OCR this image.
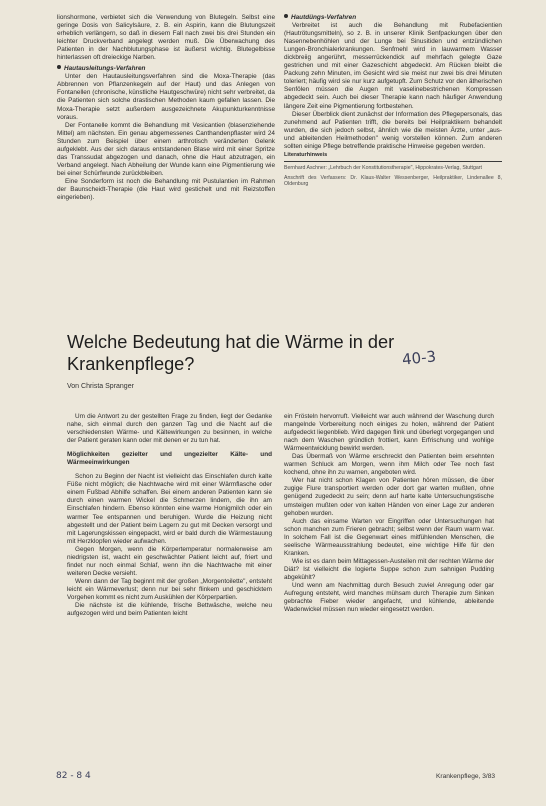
lionshormone, verbietet sich die Verwendung von Blutegeln. Selbst eine geringe Dosis von Salicylsäure, z. B. ein Aspirin, kann die Blutungszeit erheblich verlängern, so daß in diesem Fall nach zwei bis drei Stunden ein leichter Druckverband angelegt werden muß. Die Überwachung des Patienten in der Nachblutungsphase ist äußerst wichtig. Blutegelbisse hinterlassen oft dreieckige Narben.

Hautausleitungs-Verfahren

Unter den Hautausleitungsverfahren sind die Moxa-Therapie (das Abbrennen von Pflanzenkegeln auf der Haut) und das Anlegen von Fontanellen (chronische, künstliche Hautgeschwüre) nicht sehr verbreitet, da die Patienten sich solche drastischen Methoden kaum gefallen lassen. Die Moxa-Therapie setzt außerdem ausgezeichnete Akupunkturkenntnisse voraus.

Der Fontanelle kommt die Behandlung mit Vesicantien (blasenziehende Mittel) am nächsten. Ein genau abgemessenes Canthandenpflaster wird 24 Stunden zum Beispiel über einem arthrotisch veränderten Gelenk aufgeklebt. Aus der sich daraus entstandenen Blase wird mit einer Spritze das Transsudat abgezogen und danach, ohne die Haut abzutragen, ein Verband angelegt. Nach Abheilung der Wunde kann eine Pigmentierung wie bei einer Schürfwunde zurückbleiben.

Eine Sonderform ist noch die Behandlung mit Pustulantien im Rahmen der Baunscheidt-Therapie (die Haut wird gestichelt und mit Reizstoffen eingerieben).

Hautdüngs-Verfahren

Verbreitet ist auch die Behandlung mit Rubefacientien (Hautrötungsmitteln), so z. B. in unserer Klinik Senfpackungen über den Nasennebenhöhlen und der Lunge bei Sinusitiden und entzündlichen Lungen-Bronchialerkrankungen. Senfmehl wird in lauwarmem Wasser dickbreiig angerührt, messerrückendick auf mehrfach gelegte Gaze gestrichen und mit einer Gazeschicht abgedeckt. Am Rücken bleibt die Packung zehn Minuten, im Gesicht wird sie meist nur zwei bis drei Minuten toleriert; häufig wird sie nur kurz aufgetupft. Zum Schutz vor den ätherischen Senfölen müssen die Augen mit vaselinebestrichenen Kompressen abgedeckt sein. Auch bei dieser Therapie kann nach häufiger Anwendung längere Zeit eine Pigmentierung fortbestehen.

Dieser Überblick dient zunächst der Information des Pflegepersonals, das zunehmend auf Patienten trifft, die bereits bei Heilpraktikern behandelt wurden, die sich jedoch selbst, ähnlich wie die meisten Ärzte, unter „aus- und ableitenden Heilmethoden" wenig vorstellen können. Zum anderen sollten einige Pflege betreffende praktische Hinweise gegeben werden.

Literaturhinweis

Bernhard Aschner: „Lehrbuch der Konstitutionstherapie", Hippokrates-Verlag, Stuttgart

Anschrift des Verfassers: Dr. Klaus-Walter Wessenberger, Heilpraktiker, Lindenallee 8, Oldenburg

Welche Bedeutung hat die Wärme in der Krankenpflege?	40-3
Von Christa Spranger

Um die Antwort zu der gestellten Frage zu finden, liegt der Gedanke nahe, sich einmal durch den ganzen Tag und die Nacht auf die verschiedensten Wärme- und Kältewirkungen zu besinnen, in welche der Patient geraten kann oder mit denen er zu tun hat.

Möglichkeiten gezielter und ungezielter Kälte- und Wärmeeinwirkungen

Schon zu Beginn der Nacht ist vielleicht das Einschlafen durch kalte Füße nicht möglich; die Nachtwache wird mit einer Wärmflasche oder einem Fußbad Abhilfe schaffen. Bei einem anderen Patienten kann sie durch einen warmen Wickel die Schmerzen lindern, die ihn am Einschlafen hindern. Ebenso könnten eine warme Honigmilch oder ein warmer Tee entspannen und beruhigen. Wurde die Heizung nicht abgestellt und der Patient beim Lagern zu gut mit Decken versorgt und mit Lagerungskissen eingepackt, wird er bald durch die Wärmestauung mit Herzklopfen wieder aufwachen.

Gegen Morgen, wenn die Körpertemperatur normalerweise am niedrigsten ist, wacht ein geschwächter Patient leicht auf, friert und findet nur noch einmal Schlaf, wenn ihn die Nachtwache mit einer weiteren Decke versieht.

Wenn dann der Tag beginnt mit der großen „Morgentoilette", entsteht leicht ein Wärmeverlust; denn nur bei sehr flinkem und geschicktem Vorgehen kommt es nicht zum Auskühlen der Körperpartien.

Die nächste ist die kühlende, frische Bettwäsche, welche neu aufgezogen wird und beim Patienten leicht

ein Frösteln hervorruft. Vielleicht war auch während der Waschung durch mangelnde Vorbereitung noch einiges zu holen, während der Patient aufgedeckt liegenblieb. Wird dagegen flink und überlegt vorgegangen und nach dem Waschen gründlich frottiert, kann Erfrischung und wohlige Wärmeentwicklung bewirkt werden.

Das Übermaß von Wärme erschreckt den Patienten beim ersehnten warmen Schluck am Morgen, wenn ihm Milch oder Tee noch fast kochend, ohne ihn zu warnen, angeboten wird.

Wer hat nicht schon Klagen von Patienten hören müssen, die über zugige Flure transportiert werden oder dort gar warten mußten, ohne genügend zugedeckt zu sein; denn auf harte kalte Untersuchungstische umsteigen mußten oder von kalten Händen von einer Lage zur anderen gehoben wurden.

Auch das einsame Warten vor Eingriffen oder Untersuchungen hat schon manchen zum Frieren gebracht; selbst wenn der Raum warm war. In solchem Fall ist die Gegenwart eines mitfühlenden Menschen, die seelische Wärmeausstrahlung bedeutet, eine wichtige Hilfe für den Kranken.

Wie ist es dann beim Mittagessen-Austeilen mit der rechten Wärme der Diät? Ist vielleicht die logierte Suppe schon zum sahnigen Pudding abgekühlt?

Und wenn am Nachmittag durch Besuch zuviel Anregung oder gar Aufregung entsteht, wird manches mühsam durch Therapie zum Sinken gebrachte Fieber wieder angefacht, und kühlende, ableitende Wadenwickel müssen nun wieder eingesetzt werden.

82 - 8 4	Krankenpflege, 3/83
